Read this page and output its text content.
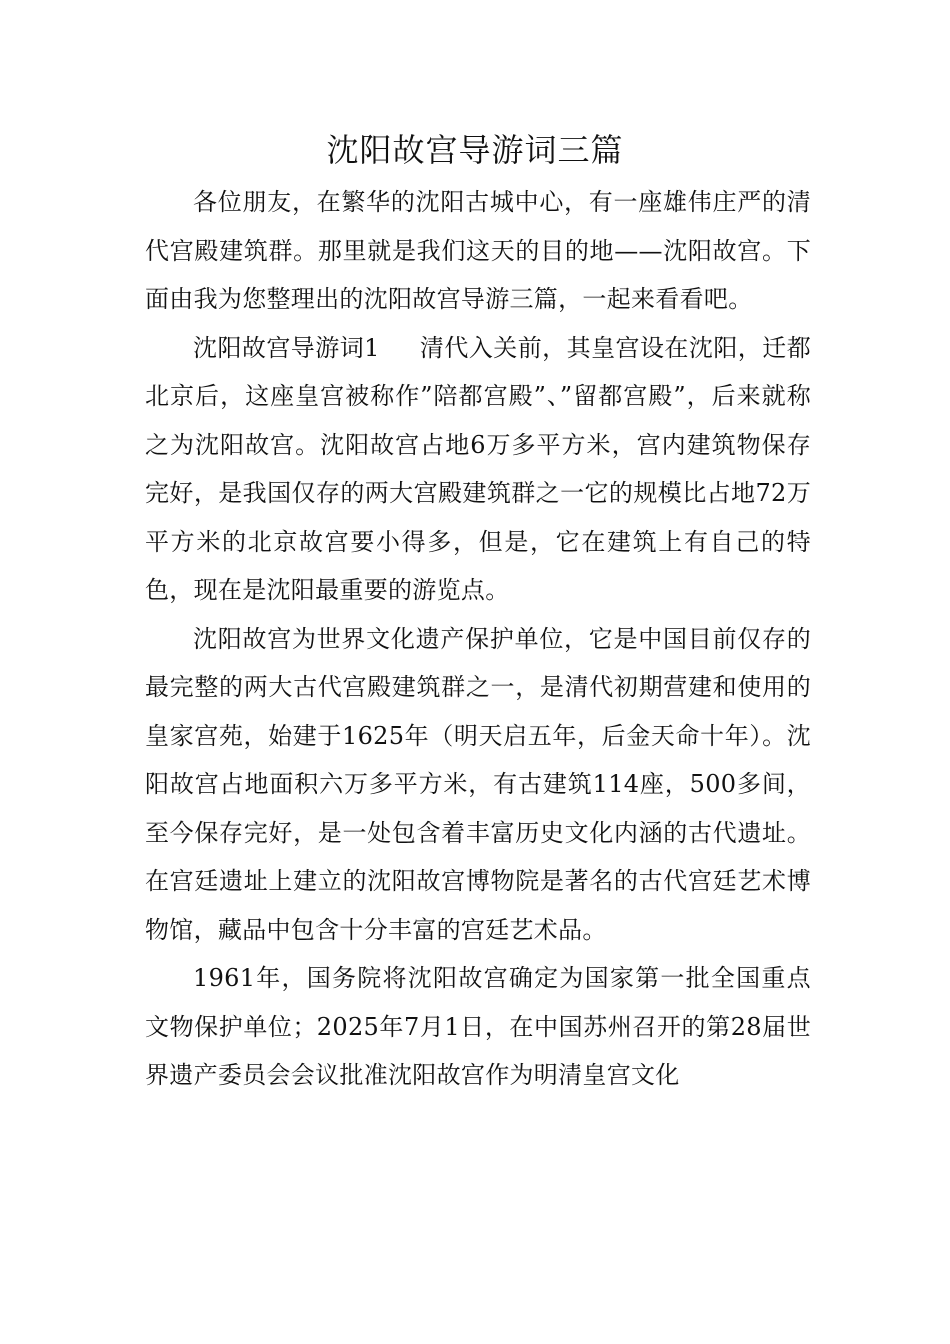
沈阳故宫导游词三篇

各位朋友，在繁华的沈阳古城中心，有一座雄伟庄严的清代宫殿建筑群。那里就是我们这天的目的地——沈阳故宫。下面由我为您整理出的沈阳故宫导游三篇，一起来看看吧。

沈阳故宫导游词1 清代入关前，其皇宫设在沈阳，迁都北京后，这座皇宫被称作”陪都宫殿”、”留都宫殿”，后来就称之为沈阳故宫。沈阳故宫占地6万多平方米，宫内建筑物保存完好，是我国仅存的两大宫殿建筑群之一它的规模比占地72万平方米的北京故宫要小得多，但是，它在建筑上有自己的特色，现在是沈阳最重要的游览点。

沈阳故宫为世界文化遗产保护单位，它是中国目前仅存的最完整的两大古代宫殿建筑群之一，是清代初期营建和使用的皇家宫苑，始建于1625年（明天启五年，后金天命十年）。沈阳故宫占地面积六万多平方米，有古建筑114座，500多间，至今保存完好，是一处包含着丰富历史文化内涵的古代遗址。在宫廷遗址上建立的沈阳故宫博物院是著名的古代宫廷艺术博物馆，藏品中包含十分丰富的宫廷艺术品。

1961年，国务院将沈阳故宫确定为国家第一批全国重点文物保护单位；2025年7月1日，在中国苏州召开的第28届世界遗产委员会会议批准沈阳故宫作为明清皇宫文化
